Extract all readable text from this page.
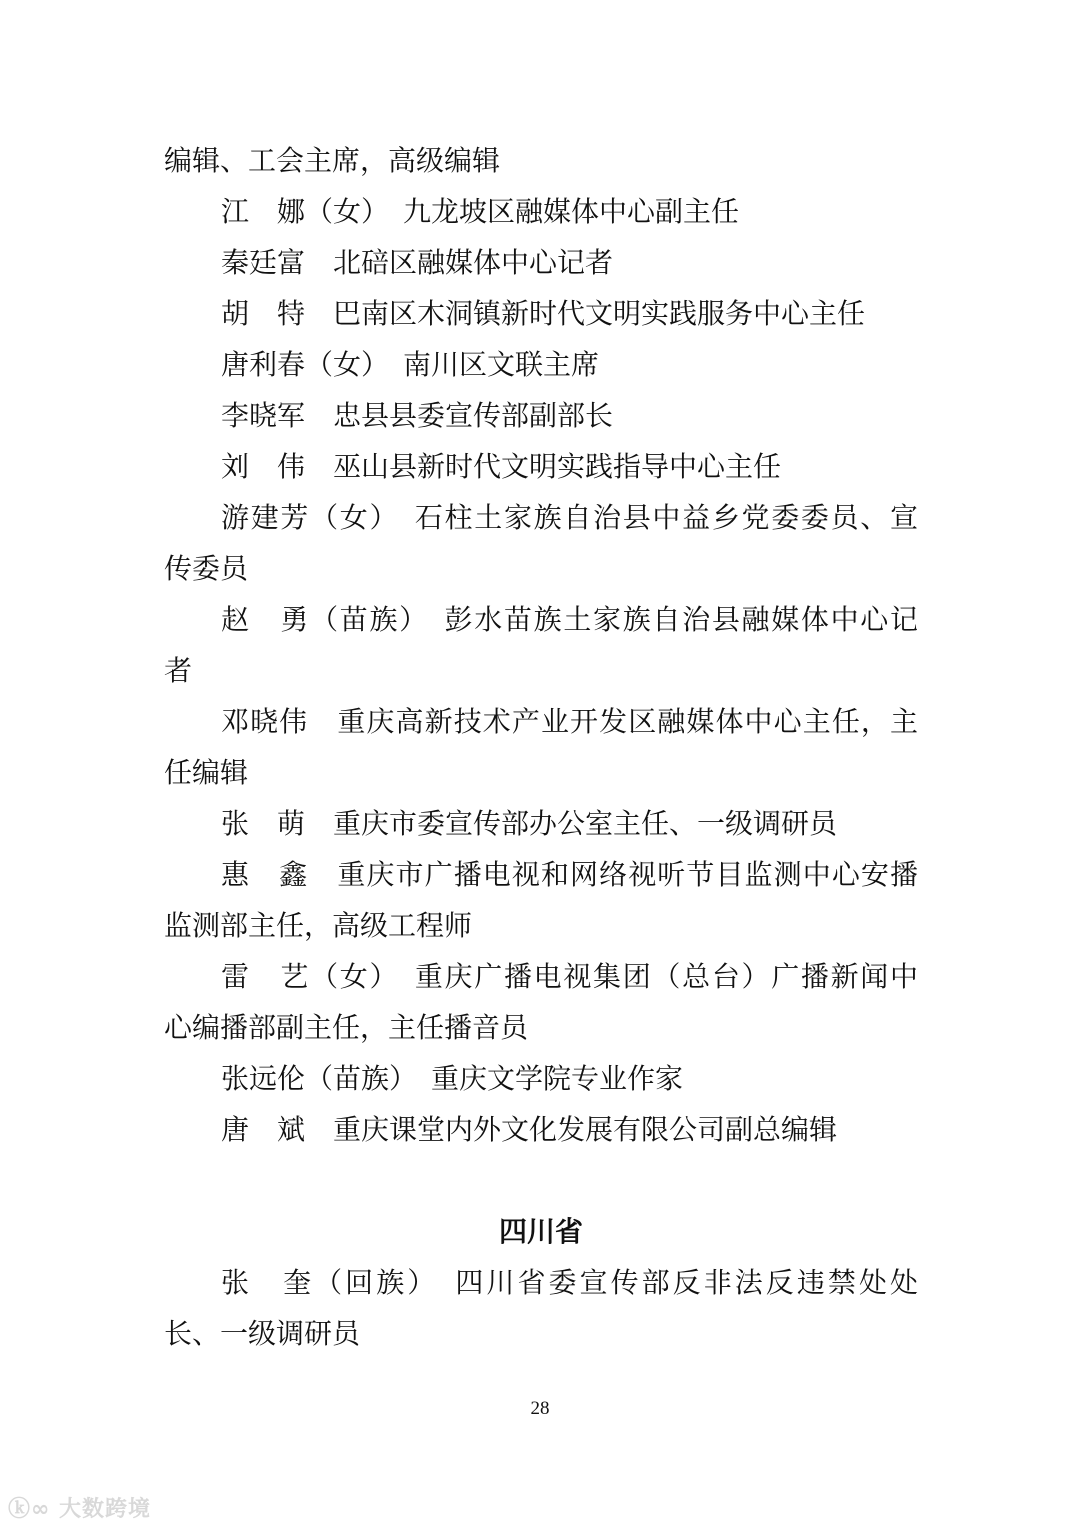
编辑、工会主席，高级编辑
江　娜（女）　九龙坡区融媒体中心副主任
秦廷富　北碚区融媒体中心记者
胡　特　巴南区木洞镇新时代文明实践服务中心主任
唐利春（女）　南川区文联主席
李晓军　忠县县委宣传部副部长
刘　伟　巫山县新时代文明实践指导中心主任
游建芳（女）　石柱土家族自治县中益乡党委委员、宣
传委员
赵　勇（苗族）　彭水苗族土家族自治县融媒体中心记
者
邓晓伟　重庆高新技术产业开发区融媒体中心主任，主
任编辑
张　萌　重庆市委宣传部办公室主任、一级调研员
惠　鑫　重庆市广播电视和网络视听节目监测中心安播
监测部主任，高级工程师
雷　艺（女）　重庆广播电视集团（总台）广播新闻中
心编播部副主任，主任播音员
张远伦（苗族）　重庆文学院专业作家
唐　斌　重庆课堂内外文化发展有限公司副总编辑
四川省
张　奎（回族）　四川省委宣传部反非法反违禁处处
长、一级调研员
28
ⓚ∞ 大数跨境
